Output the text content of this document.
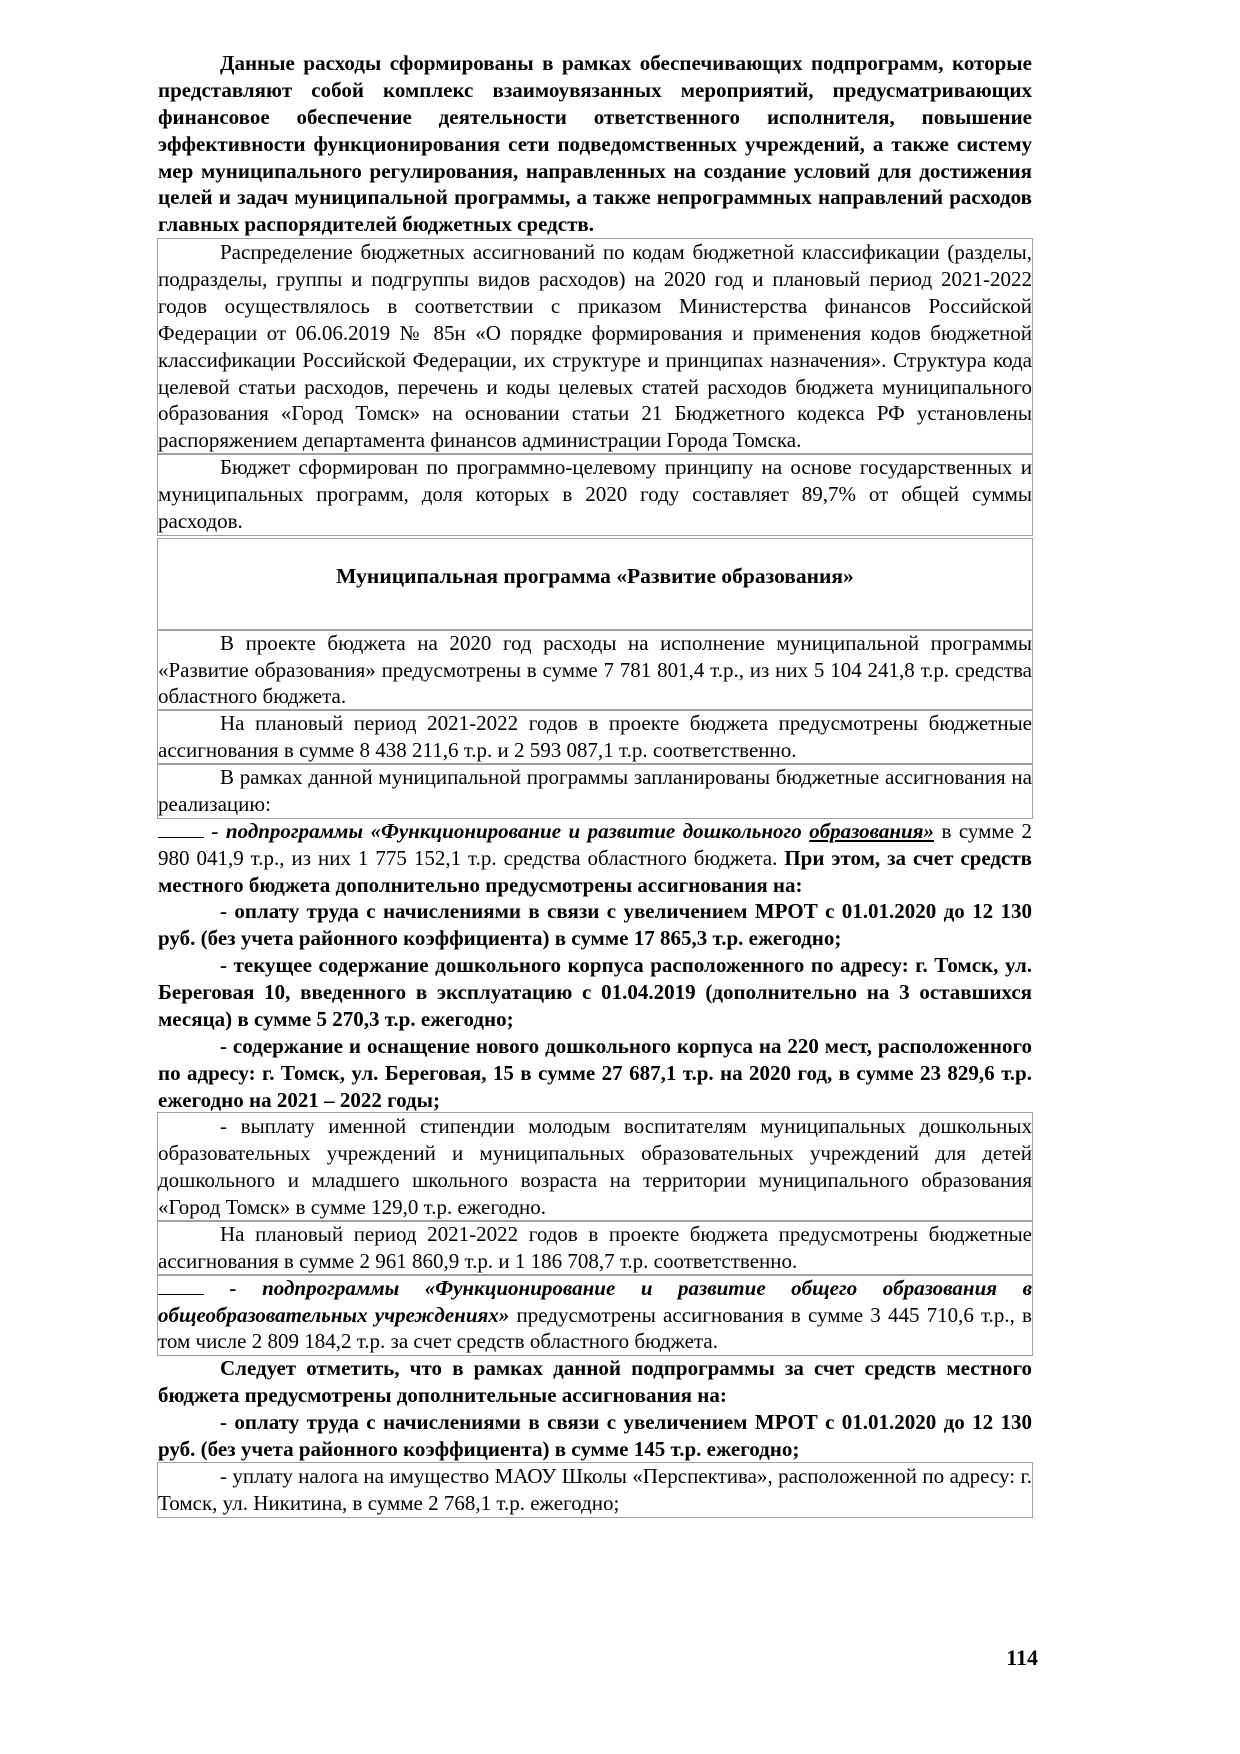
Данные расходы сформированы в рамках обеспечивающих подпрограмм, которые представляют собой комплекс взаимоувязанных мероприятий, предусматривающих финансовое обеспечение деятельности ответственного исполнителя, повышение эффективности функционирования сети подведомственных учреждений, а также систему мер муниципального регулирования, направленных на создание условий для достижения целей и задач муниципальной программы, а также непрограммных направлений расходов главных распорядителей бюджетных средств.

Распределение бюджетных ассигнований по кодам бюджетной классификации (разделы, подразделы, группы и подгруппы видов расходов) на 2020 год и плановый период 2021-2022 годов осуществлялось в соответствии с приказом Министерства финансов Российской Федерации от 06.06.2019 № 85н «О порядке формирования и применения кодов бюджетной классификации Российской Федерации, их структуре и принципах назначения». Структура кода целевой статьи расходов, перечень и коды целевых статей расходов бюджета муниципального образования «Город Томск» на основании статьи 21 Бюджетного кодекса РФ установлены распоряжением департамента финансов администрации Города Томска.

Бюджет сформирован по программно-целевому принципу на основе государственных и муниципальных программ, доля которых в 2020 году составляет 89,7% от общей суммы расходов.

Муниципальная программа «Развитие образования»

В проекте бюджета на 2020 год расходы на исполнение муниципальной программы «Развитие образования» предусмотрены в сумме 7 781 801,4 т.р., из них 5 104 241,8 т.р. средства областного бюджета.

На плановый период 2021-2022 годов в проекте бюджета предусмотрены бюджетные ассигнования в сумме 8 438 211,6 т.р. и 2 593 087,1 т.р. соответственно.

В рамках данной муниципальной программы запланированы бюджетные ассигнования на реализацию:

- подпрограммы «Функционирование и развитие дошкольного образования» в сумме 2 980 041,9 т.р., из них 1 775 152,1 т.р. средства областного бюджета. При этом, за счет средств местного бюджета дополнительно предусмотрены ассигнования на:

- оплату труда с начислениями в связи с увеличением МРОТ с 01.01.2020 до 12 130 руб. (без учета районного коэффициента) в сумме 17 865,3 т.р. ежегодно;

- текущее содержание дошкольного корпуса расположенного по адресу: г. Томск, ул. Береговая 10, введенного в эксплуатацию с 01.04.2019 (дополнительно на 3 оставшихся месяца) в сумме 5 270,3 т.р. ежегодно;

- содержание и оснащение нового дошкольного корпуса на 220 мест, расположенного по адресу: г. Томск, ул. Береговая, 15 в сумме 27 687,1 т.р. на 2020 год, в сумме 23 829,6 т.р. ежегодно на 2021 – 2022 годы;

- выплату именной стипендии молодым воспитателям муниципальных дошкольных образовательных учреждений и муниципальных образовательных учреждений для детей дошкольного и младшего школьного возраста на территории муниципального образования «Город Томск» в сумме 129,0 т.р. ежегодно.

На плановый период 2021-2022 годов в проекте бюджета предусмотрены бюджетные ассигнования в сумме 2 961 860,9 т.р. и 1 186 708,7 т.р. соответственно.

- подпрограммы «Функционирование и развитие общего образования в общеобразовательных учреждениях» предусмотрены ассигнования в сумме 3 445 710,6 т.р., в том числе 2 809 184,2 т.р. за счет средств областного бюджета.

Следует отметить, что в рамках данной подпрограммы за счет средств местного бюджета предусмотрены дополнительные ассигнования на:

- оплату труда с начислениями в связи с увеличением МРОТ с 01.01.2020 до 12 130 руб. (без учета районного коэффициента) в сумме 145 т.р. ежегодно;

- уплату налога на имущество МАОУ Школы «Перспектива», расположенной по адресу: г. Томск, ул. Никитина, в сумме 2 768,1 т.р. ежегодно;

114
